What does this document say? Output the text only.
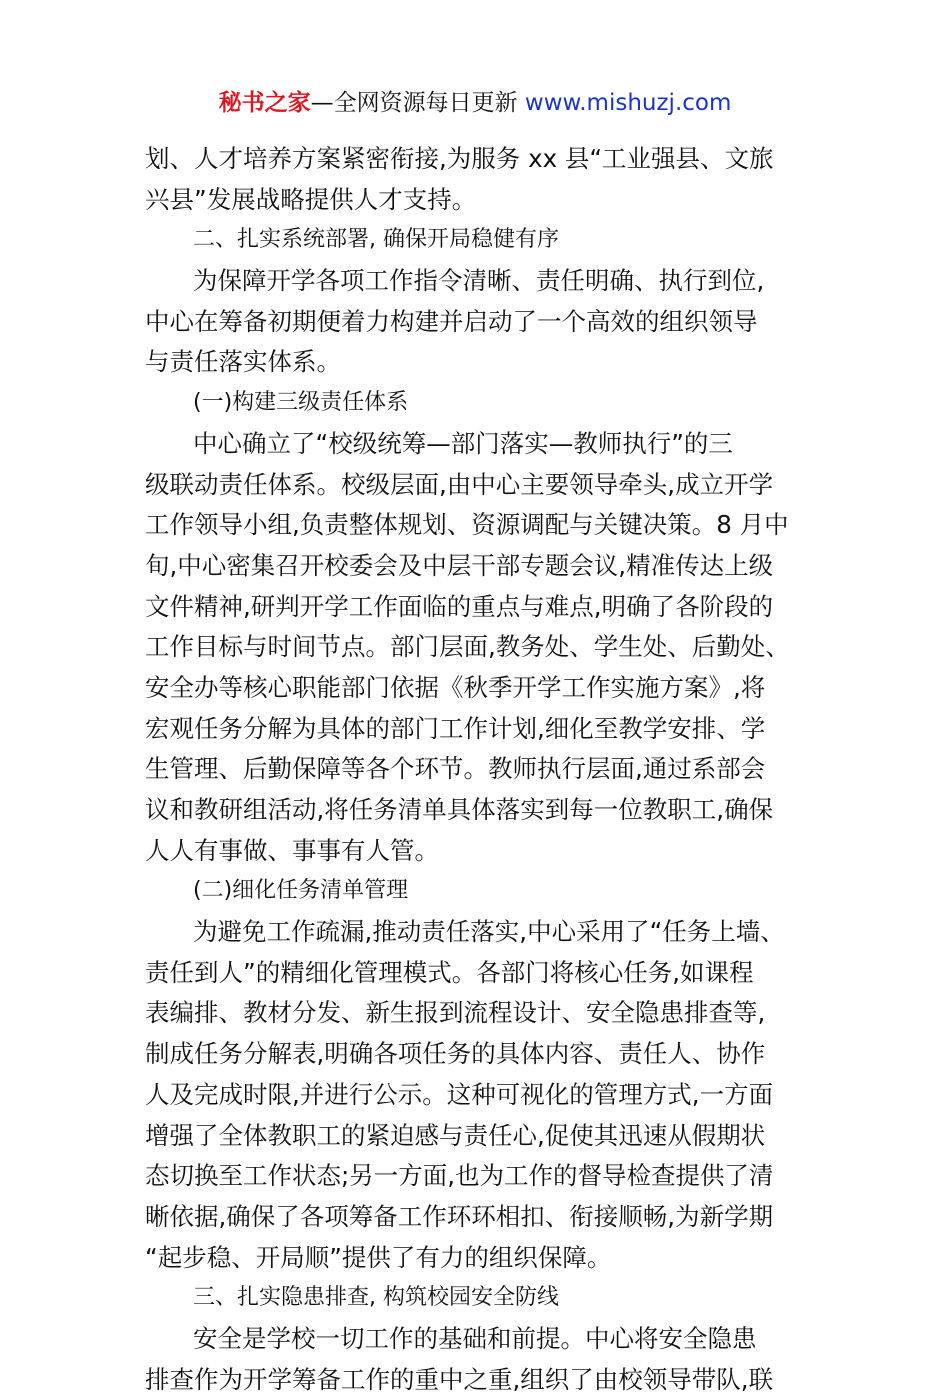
秘书之家—全网资源每日更新 www.mishuzj.com
划、人才培养方案紧密衔接,为服务 xx 县“工业强县、文旅
兴县”发展战略提供人才支持。
二、扎实系统部署, 确保开局稳健有序
为保障开学各项工作指令清晰、责任明确、执行到位,
中心在筹备初期便着力构建并启动了一个高效的组织领导
与责任落实体系。
(一)构建三级责任体系
中心确立了“校级统筹—部门落实—教师执行”的三
级联动责任体系。校级层面,由中心主要领导牵头,成立开学
工作领导小组,负责整体规划、资源调配与关键决策。8 月中
旬,中心密集召开校委会及中层干部专题会议,精准传达上级
文件精神,研判开学工作面临的重点与难点,明确了各阶段的
工作目标与时间节点。部门层面,教务处、学生处、后勤处、
安全办等核心职能部门依据《秋季开学工作实施方案》,将
宏观任务分解为具体的部门工作计划,细化至教学安排、学
生管理、后勤保障等各个环节。教师执行层面,通过系部会
议和教研组活动,将任务清单具体落实到每一位教职工,确保
人人有事做、事事有人管。
(二)细化任务清单管理
为避免工作疏漏,推动责任落实,中心采用了“任务上墙、
责任到人”的精细化管理模式。各部门将核心任务,如课程
表编排、教材分发、新生报到流程设计、安全隐患排查等,
制成任务分解表,明确各项任务的具体内容、责任人、协作
人及完成时限,并进行公示。这种可视化的管理方式,一方面
增强了全体教职工的紧迫感与责任心,促使其迅速从假期状
态切换至工作状态;另一方面,也为工作的督导检查提供了清
晰依据,确保了各项筹备工作环环相扣、衔接顺畅,为新学期
“起步稳、开局顺”提供了有力的组织保障。
三、扎实隐患排查, 构筑校园安全防线
安全是学校一切工作的基础和前提。中心将安全隐患
排查作为开学筹备工作的重中之重,组织了由校领导带队,联
